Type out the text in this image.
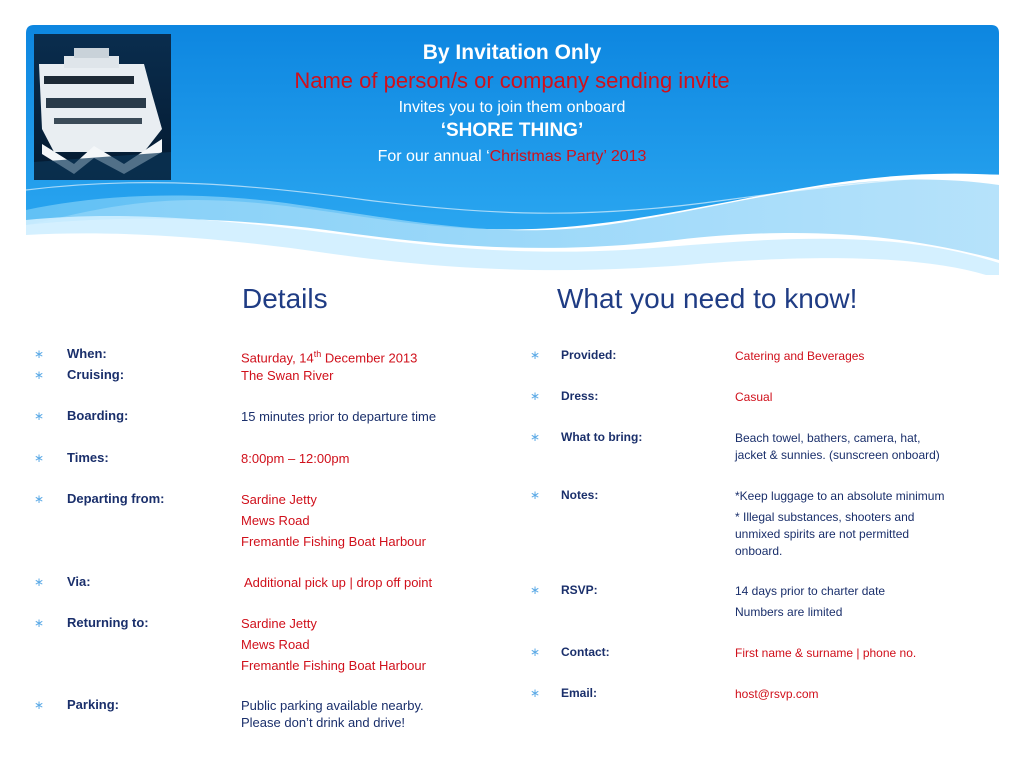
By Invitation Only
Name of person/s or company sending invite
Invites you to join them onboard
‘SHORE THING’
For our annual ‘Christmas Party’ 2013
Details	What you need to know!
∗ When:	Saturday, 14th December 2013
∗ Cruising:	The Swan River
∗ Boarding:	15 minutes prior to departure time
∗ Times:	8:00pm – 12:00pm
∗ Departing from:	Sardine Jetty
Mews Road
Fremantle Fishing Boat Harbour
∗ Via:	Additional pick up | drop off point
∗ Returning to:	Sardine Jetty
Mews Road
Fremantle Fishing Boat Harbour
∗ Parking:	Public parking available nearby.
Please don’t drink and drive!
∗ Provided:	Catering and Beverages
∗ Dress:	Casual
∗ What to bring:	Beach towel, bathers, camera, hat,
jacket & sunnies. (sunscreen onboard)
∗ Notes:	*Keep luggage to an absolute minimum
* Illegal substances, shooters and
unmixed spirits are not permitted
onboard.
∗ RSVP:	14 days prior to charter date
Numbers are limited
∗ Contact:	First name & surname | phone no.
∗ Email:	host@rsvp.com
